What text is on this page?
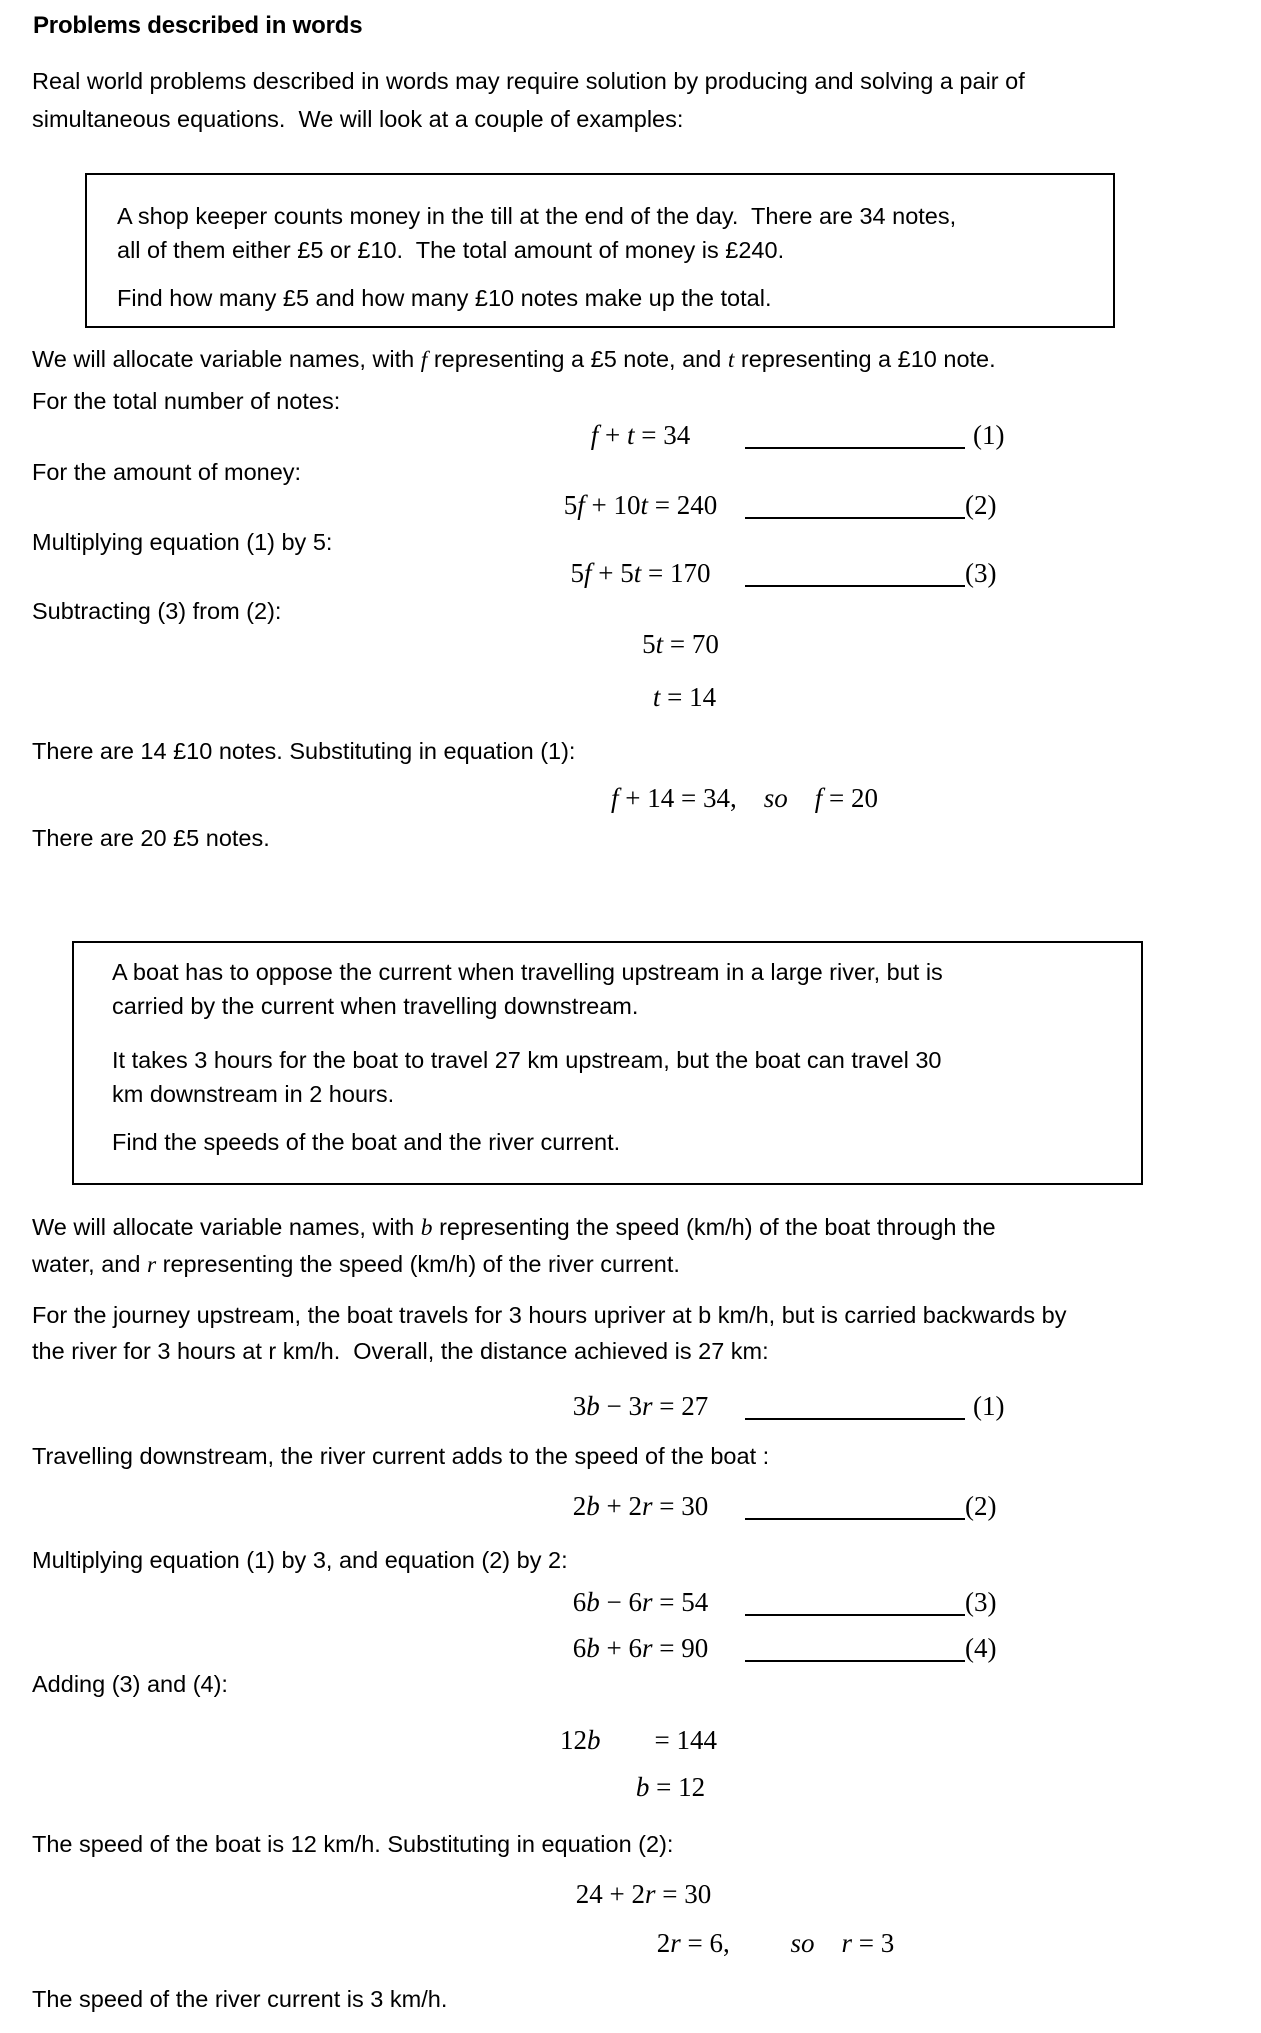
Problems described in words
Real world problems described in words may require solution by producing and solving a pair of
simultaneous equations.  We will look at a couple of examples:
A shop keeper counts money in the till at the end of the day.  There are 34 notes,
all of them either £5 or £10.  The total amount of money is £240.
Find how many £5 and how many £10 notes make up the total.
We will allocate variable names, with f representing a £5 note, and t representing a £10 note.
For the total number of notes:
f + t = 34	(1)
For the amount of money:
5f + 10t = 240	(2)
Multiplying equation (1) by 5:
5f + 5t = 170	(3)
Subtracting (3) from (2):
5t = 70
t = 14
There are 14 £10 notes. Substituting in equation (1):
f + 14 = 34,    so f = 20
There are 20 £5 notes.
A boat has to oppose the current when travelling upstream in a large river, but is
carried by the current when travelling downstream.
It takes 3 hours for the boat to travel 27 km upstream, but the boat can travel 30
km downstream in 2 hours.
Find the speeds of the boat and the river current.
We will allocate variable names, with b representing the speed (km/h) of the boat through the
water, and r representing the speed (km/h) of the river current.
For the journey upstream, the boat travels for 3 hours upriver at b km/h, but is carried backwards by
the river for 3 hours at r km/h.  Overall, the distance achieved is 27 km:
3b − 3r = 27	(1)
Travelling downstream, the river current adds to the speed of the boat :
2b + 2r = 30	(2)
Multiplying equation (1) by 3, and equation (2) by 2:
6b − 6r = 54	(3)
6b + 6r = 90	(4)
Adding (3) and (4):
12b        = 144
b = 12
The speed of the boat is 12 km/h. Substituting in equation (2):
24 + 2r = 30
2r = 6,         so r = 3
The speed of the river current is 3 km/h.
